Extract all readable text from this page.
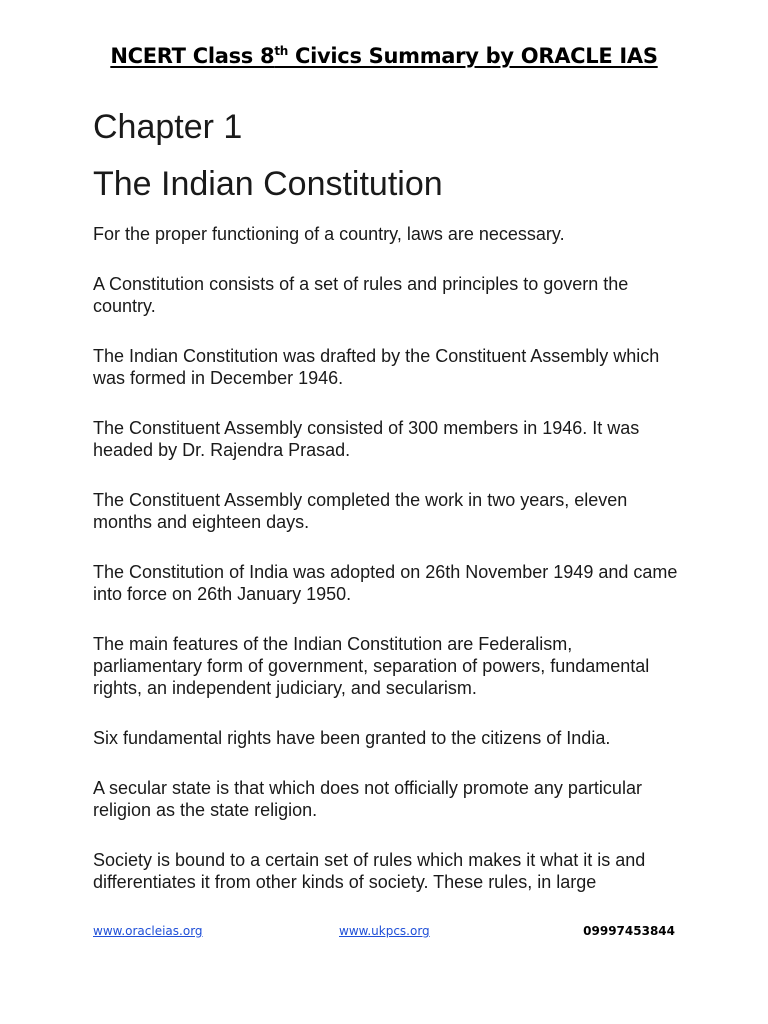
NCERT Class 8th Civics Summary by ORACLE IAS
Chapter 1
The Indian Constitution

For the proper functioning of a country, laws are necessary.

A Constitution consists of a set of rules and principles to govern the country.

The Indian Constitution was drafted by the Constituent Assembly which was formed in December 1946.

The Constituent Assembly consisted of 300 members in 1946. It was headed by Dr. Rajendra Prasad.

The Constituent Assembly completed the work in two years, eleven months and eighteen days.

The Constitution of India was adopted on 26th November 1949 and came into force on 26th January 1950.

The main features of the Indian Constitution are Federalism, parliamentary form of government, separation of powers, fundamental rights, an independent judiciary, and secularism.

Six fundamental rights have been granted to the citizens of India.

A secular state is that which does not officially promote any particular religion as the state religion.

Society is bound to a certain set of rules which makes it what it is and differentiates it from other kinds of society. These rules, in large

www.oracleias.org	www.ukpcs.org	09997453844
